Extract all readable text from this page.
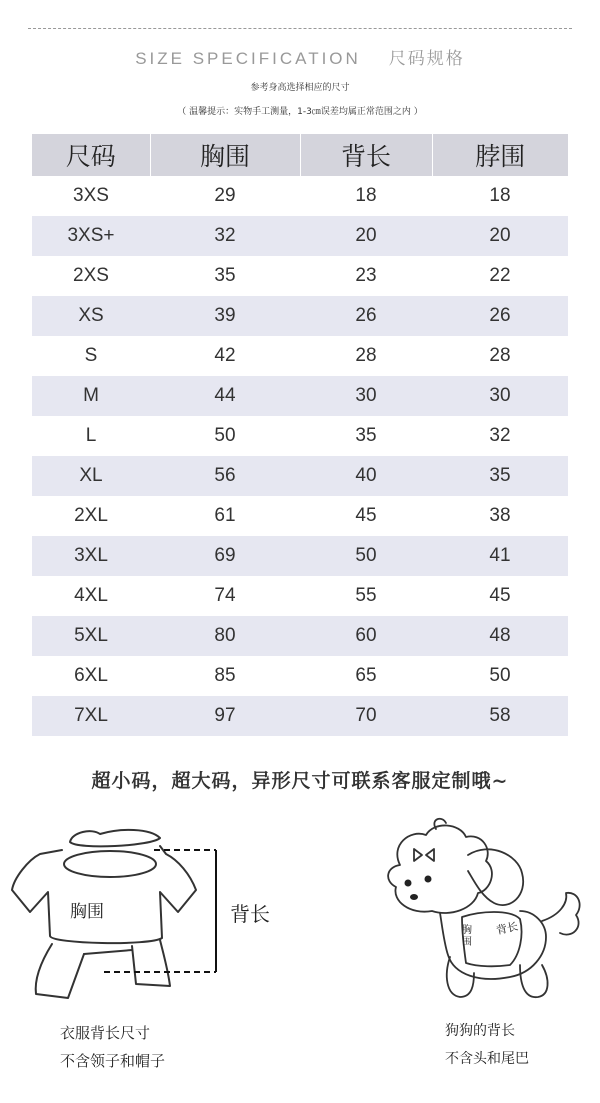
SIZE SPECIFICATION 尺码规格
参考身高选择相应的尺寸
（ 温馨提示：实物手工测量，1-3㎝误差均属正常范围之内 ）
尺码	胸围	背长	脖围
3XS	29	18	18
3XS+	32	20	20
2XS	35	23	22
XS	39	26	26
S	42	28	28
M	44	30	30
L	50	35	32
XL	56	40	35
2XL	61	45	38
3XL	69	50	41
4XL	74	55	45
5XL	80	60	48
6XL	85	65	50
7XL	97	70	58
超小码，超大码，异形尺寸可联系客服定制哦~
胸围	背长
胸围
背长
衣服背长尺寸
不含领子和帽子
狗狗的背长
不含头和尾巴
